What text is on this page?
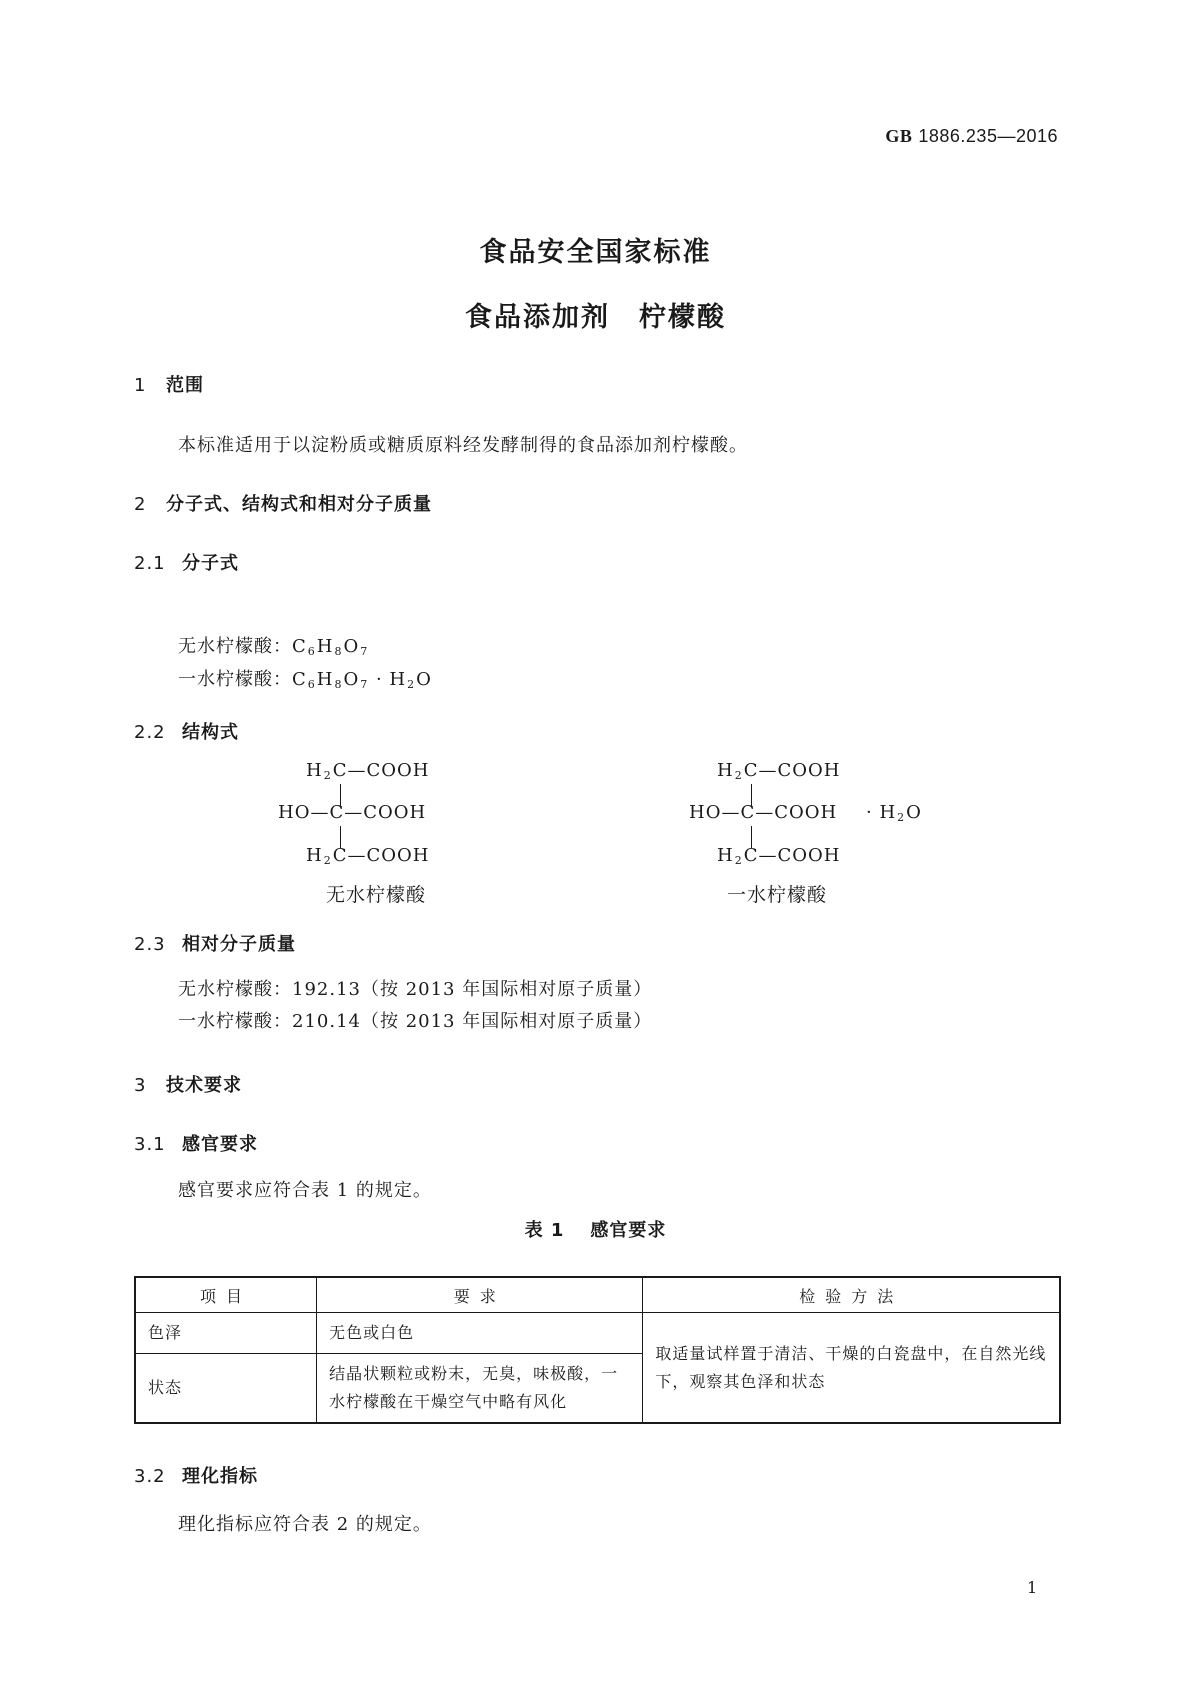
GB 1886.235—2016
食品安全国家标准
食品添加剂　柠檬酸
1 范围
本标准适用于以淀粉质或糖质原料经发酵制得的食品添加剂柠檬酸。
2 分子式、结构式和相对分子质量
2.1 分子式
无水柠檬酸：$C_6H_8O_7$
一水柠檬酸：$C_6H_8O_7 \cdot H_2O$
2.2 结构式
$H_2C—COOH$
HO—C—COOH
$H_2C—COOH$
无水柠檬酸
$H_2C—COOH$
HO—C—COOH · $H_2O$
$H_2C—COOH$
一水柠檬酸
2.3 相对分子质量
无水柠檬酸：192.13（按 2013 年国际相对原子质量）
一水柠檬酸：210.14（按 2013 年国际相对原子质量）
3 技术要求
3.1 感官要求
感官要求应符合表 1 的规定。
表 1 感官要求
项目	要求	检验方法
色泽	无色或白色	取适量试样置于清洁、干燥的白瓷盘中，在自然光线下，观察其色泽和状态
状态	结晶状颗粒或粉末，无臭，味极酸，一水柠檬酸在干燥空气中略有风化	
3.2 理化指标
理化指标应符合表 2 的规定。
1
